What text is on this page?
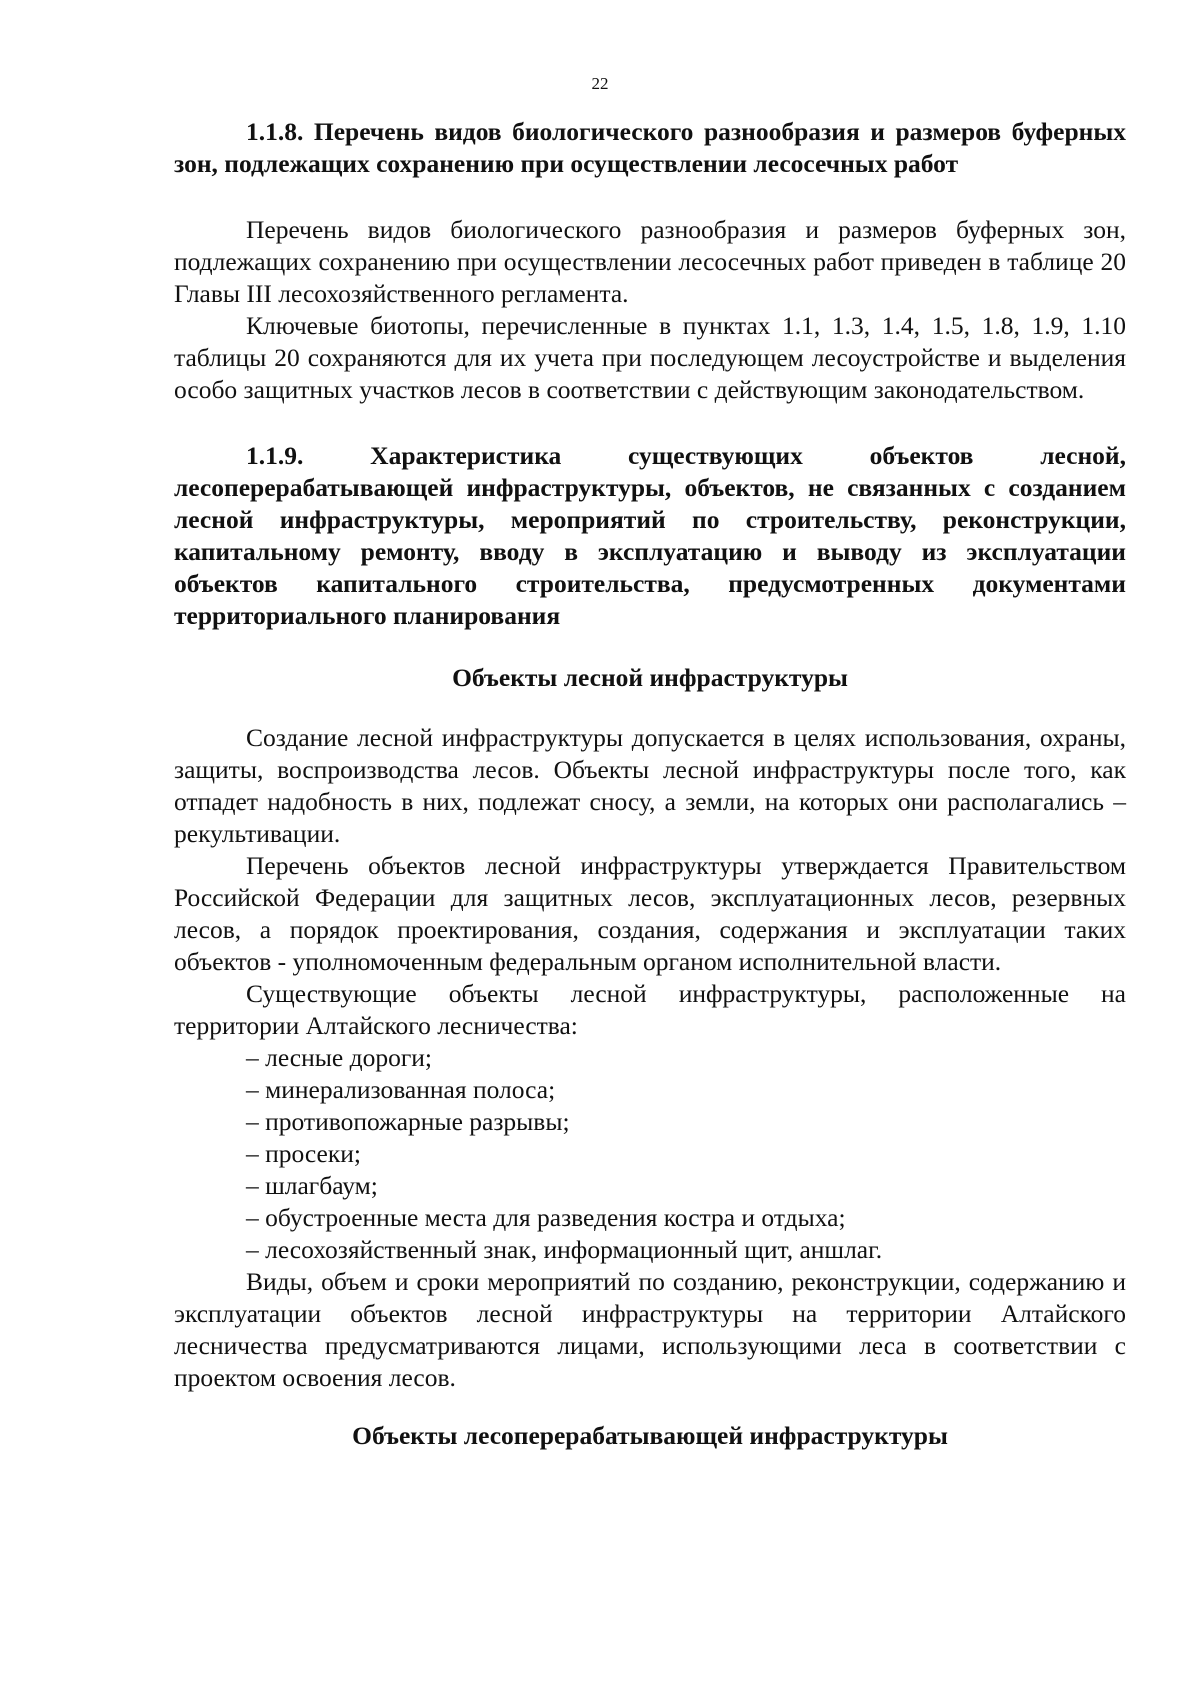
22

1.1.8. Перечень видов биологического разнообразия и размеров буферных зон, подлежащих сохранению при осуществлении лесосечных работ

Перечень видов биологического разнообразия и размеров буферных зон, подлежащих сохранению при осуществлении лесосечных работ приведен в таблице 20 Главы III лесохозяйственного регламента.

Ключевые биотопы, перечисленные в пунктах 1.1, 1.3, 1.4, 1.5, 1.8, 1.9, 1.10 таблицы 20 сохраняются для их учета при последующем лесоустройстве и выделения особо защитных участков лесов в соответствии с действующим законодательством.

1.1.9. Характеристика существующих объектов лесной, лесоперерабатывающей инфраструктуры, объектов, не связанных с созданием лесной инфраструктуры, мероприятий по строительству, реконструкции, капитальному ремонту, вводу в эксплуатацию и выводу из эксплуатации объектов капитального строительства, предусмотренных документами территориального планирования

Объекты лесной инфраструктуры

Создание лесной инфраструктуры допускается в целях использования, охраны, защиты, воспроизводства лесов. Объекты лесной инфраструктуры после того, как отпадет надобность в них, подлежат сносу, а земли, на которых они располагались – рекультивации.

Перечень объектов лесной инфраструктуры утверждается Правительством Российской Федерации для защитных лесов, эксплуатационных лесов, резервных лесов, а порядок проектирования, создания, содержания и эксплуатации таких объектов - уполномоченным федеральным органом исполнительной власти.

Существующие объекты лесной инфраструктуры, расположенные на территории Алтайского лесничества:

– лесные дороги;
– минерализованная полоса;
– противопожарные разрывы;
– просеки;
– шлагбаум;
– обустроенные места для разведения костра и отдыха;
– лесохозяйственный знак, информационный щит, аншлаг.

Виды, объем и сроки мероприятий по созданию, реконструкции, содержанию и эксплуатации объектов лесной инфраструктуры на территории Алтайского лесничества предусматриваются лицами, использующими леса в соответствии с проектом освоения лесов.

Объекты лесоперерабатывающей инфраструктуры
